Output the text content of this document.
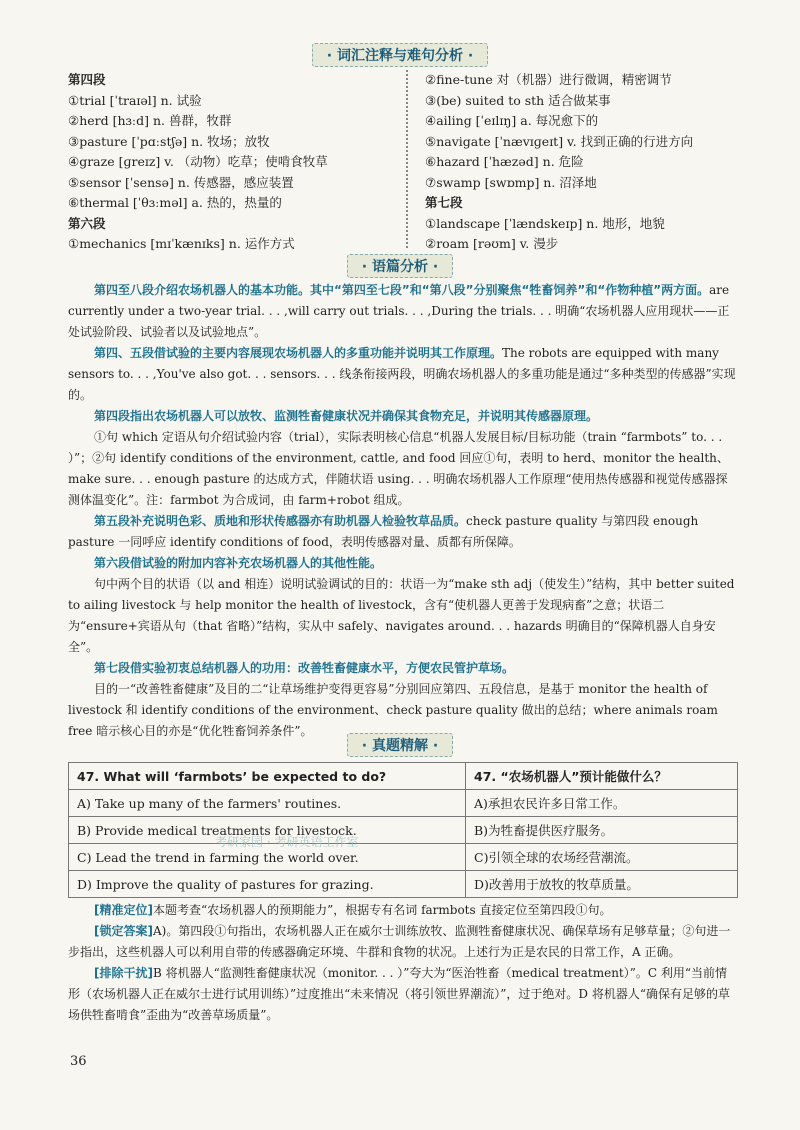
· 词汇注释与难句分析 ·
第四段
①trial [ˈtraɪəl] n. 试验
②herd [hɜːd] n. 兽群，牧群
③pasture [ˈpɑːstʃə] n. 牧场；放牧
④graze [ɡreɪz] v. （动物）吃草；使啃食牧草
⑤sensor [ˈsensə] n. 传感器，感应装置
⑥thermal [ˈθɜːməl] a. 热的，热量的
第六段
①mechanics [mɪˈkænɪks] n. 运作方式
②fine-tune 对（机器）进行微调，精密调节
③(be) suited to sth 适合做某事
④ailing [ˈeɪlɪŋ] a. 每况愈下的
⑤navigate [ˈnævɪɡeɪt] v. 找到正确的行进方向
⑥hazard [ˈhæzəd] n. 危险
⑦swamp [swɒmp] n. 沼泽地
第七段
①landscape [ˈlændskeɪp] n. 地形，地貌
②roam [rəʊm] v. 漫步
· 语篇分析 ·

第四至八段介绍农场机器人的基本功能。其中“第四至七段”和“第八段”分别聚焦“牲畜饲养”和“作物种植”两方面。are currently under a two-year trial. . . ,will carry out trials. . . ,During the trials. . . 明确“农场机器人应用现状——正处试验阶段、试验者以及试验地点”。

第四、五段借试验的主要内容展现农场机器人的多重功能并说明其工作原理。The robots are equipped with many sensors to. . . ,You've also got. . . sensors. . . 线条衔接两段，明确农场机器人的多重功能是通过“多种类型的传感器”实现的。

第四段指出农场机器人可以放牧、监测牲畜健康状况并确保其食物充足，并说明其传感器原理。

①句 which 定语从句介绍试验内容（trial），实际表明核心信息“机器人发展目标/目标功能（train “farmbots” to. . . ）”；②句 identify conditions of the environment, cattle, and food 回应①句，表明 to herd、monitor the health、make sure. . . enough pasture 的达成方式，伴随状语 using. . . 明确农场机器人工作原理“使用热传感器和视觉传感器探测体温变化”。注：farmbot 为合成词，由 farm+robot 组成。

第五段补充说明色彩、质地和形状传感器亦有助机器人检验牧草品质。check pasture quality 与第四段 enough pasture 一同呼应 identify conditions of food，表明传感器对量、质都有所保障。

第六段借试验的附加内容补充农场机器人的其他性能。

句中两个目的状语（以 and 相连）说明试验调试的目的：状语一为“make sth adj（使发生）”结构，其中 better suited to ailing livestock 与 help monitor the health of livestock，含有“使机器人更善于发现病畜”之意；状语二为“ensure+宾语从句（that 省略）”结构，实从中 safely、navigates around. . . hazards 明确目的“保障机器人自身安全”。

第七段借实验初衷总结机器人的功用：改善牲畜健康水平，方便农民管护草场。

目的一“改善牲畜健康”及目的二“让草场维护变得更容易”分别回应第四、五段信息，是基于 monitor the health of livestock 和 identify conditions of the environment、check pasture quality 做出的总结；where animals roam free 暗示核心目的亦是“优化牲畜饲养条件”。

· 真题精解 ·
47. What will ‘farmbots’ be expected to do?	47. “农场机器人”预计能做什么？
A) Take up many of the farmers' routines.	A)承担农民许多日常工作。
B) Provide medical treatments for livestock.	B)为牲畜提供医疗服务。
C) Lead the trend in farming the world over.	C)引领全球的农场经营潮流。
D) Improve the quality of pastures for grazing.	D)改善用于放牧的牧草质量。
考研家园 · 考研英语工作室

[精准定位]本题考查“农场机器人的预期能力”，根据专有名词 farmbots 直接定位至第四段①句。

[锁定答案]A)。第四段①句指出，农场机器人正在威尔士训练放牧、监测牲畜健康状况、确保草场有足够草量；②句进一步指出，这些机器人可以利用自带的传感器确定环境、牛群和食物的状况。上述行为正是农民的日常工作，A 正确。

[排除干扰]B 将机器人“监测牲畜健康状况（monitor. . . ）”夸大为“医治牲畜（medical treatment）”。C 利用“当前情形（农场机器人正在威尔士进行试用训练）”过度推出“未来情况（将引领世界潮流）”，过于绝对。D 将机器人“确保有足够的草场供牲畜啃食”歪曲为“改善草场质量”。

36
